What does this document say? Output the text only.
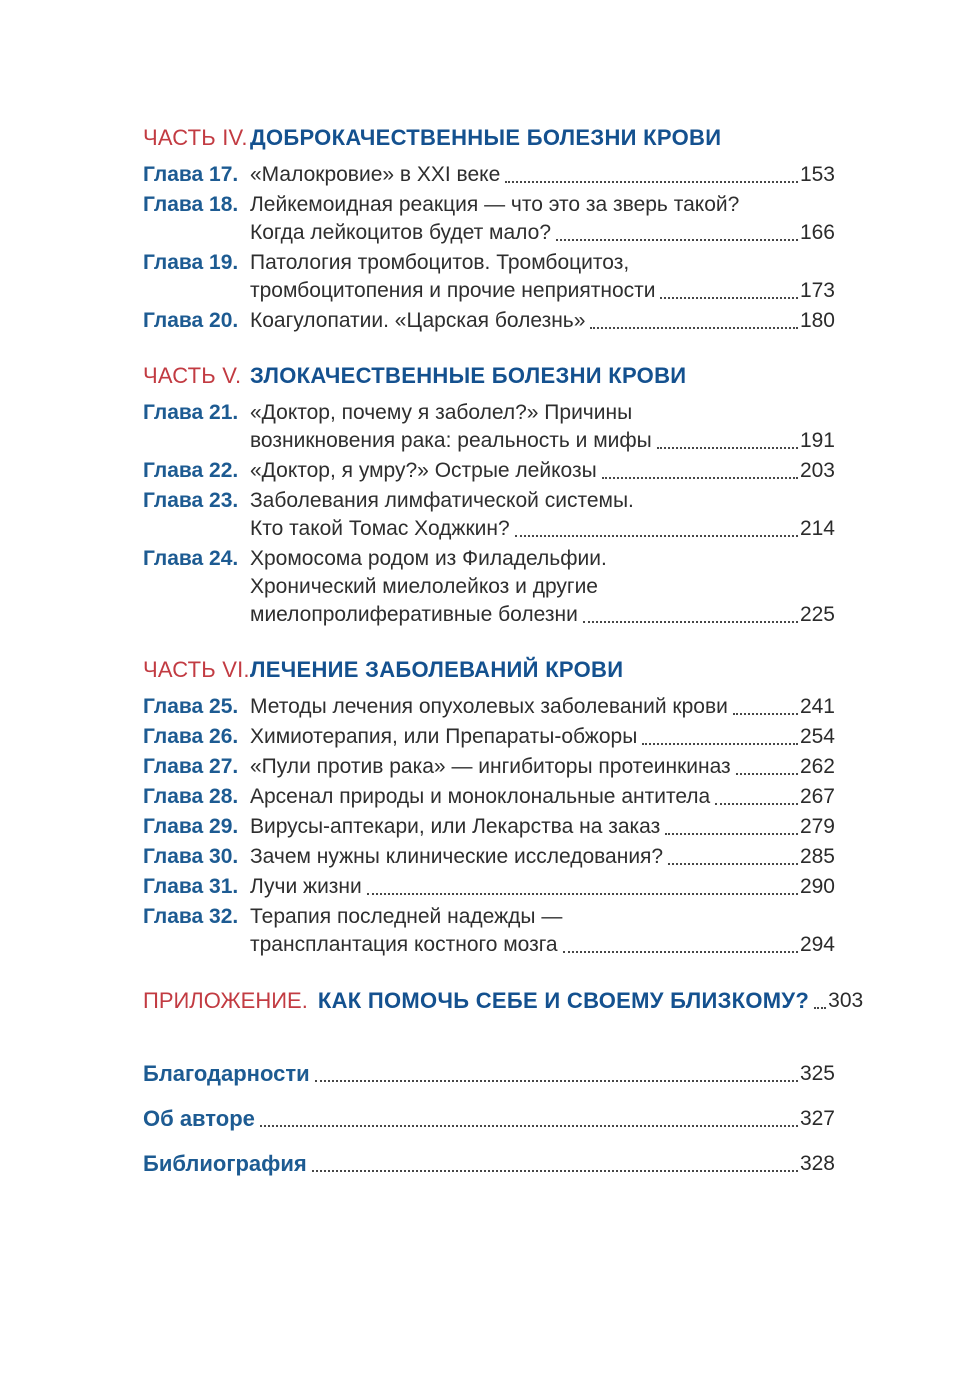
ЧАСТЬ IV. ДОБРОКАЧЕСТВЕННЫЕ БОЛЕЗНИ КРОВИ
Глава 17. «Малокровие» в XXI веке	153
Глава 18. Лейкемоидная реакция — что это за зверь такой?
Когда лейкоцитов будет мало?	166
Глава 19. Патология тромбоцитов. Тромбоцитоз,
тромбоцитопения и прочие неприятности	173
Глава 20. Коагулопатии. «Царская болезнь»	180
ЧАСТЬ V. ЗЛОКАЧЕСТВЕННЫЕ БОЛЕЗНИ КРОВИ
Глава 21. «Доктор, почему я заболел?» Причины
возникновения рака: реальность и мифы	191
Глава 22. «Доктор, я умру?» Острые лейкозы	203
Глава 23. Заболевания лимфатической системы.
Кто такой Томас Ходжкин?	214
Глава 24. Хромосома родом из Филадельфии.
Хронический миелолейкоз и другие
миелопролиферативные болезни	225
ЧАСТЬ VI. ЛЕЧЕНИЕ ЗАБОЛЕВАНИЙ КРОВИ
Глава 25. Методы лечения опухолевых заболеваний крови	241
Глава 26. Химиотерапия, или Препараты-обжоры	254
Глава 27. «Пули против рака» — ингибиторы протеинкиназ	262
Глава 28. Арсенал природы и моноклональные антитела	267
Глава 29. Вирусы-аптекари, или Лекарства на заказ	279
Глава 30. Зачем нужны клинические исследования?	285
Глава 31. Лучи жизни	290
Глава 32. Терапия последней надежды —
трансплантация костного мозга	294
ПРИЛОЖЕНИЕ. КАК ПОМОЧЬ СЕБЕ И СВОЕМУ БЛИЗКОМУ? 303
Благодарности	325
Об авторе	327
Библиография	328
